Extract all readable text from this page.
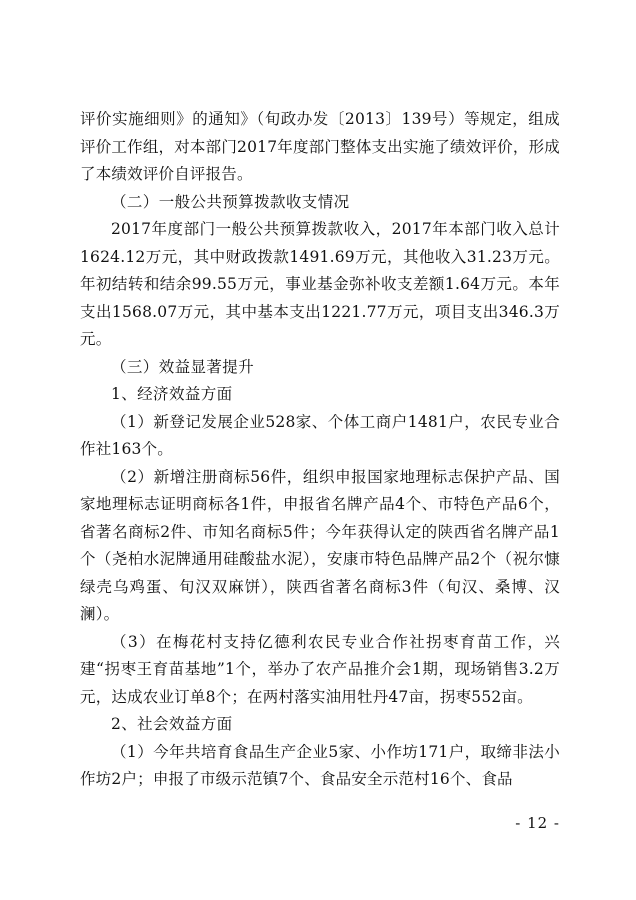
评价实施细则》的通知》（旬政办发〔2013〕139号）等规定，组成评价工作组，对本部门2017年度部门整体支出实施了绩效评价，形成了本绩效评价自评报告。

（二）一般公共预算拨款收支情况

2017年度部门一般公共预算拨款收入，2017年本部门收入总计1624.12万元，其中财政拨款1491.69万元，其他收入31.23万元。年初结转和结余99.55万元，事业基金弥补收支差额1.64万元。本年支出1568.07万元，其中基本支出1221.77万元，项目支出346.3万元。

（三）效益显著提升

1、经济效益方面

（1）新登记发展企业528家、个体工商户1481户，农民专业合作社163个。

（2）新增注册商标56件，组织申报国家地理标志保护产品、国家地理标志证明商标各1件，申报省名牌产品4个、市特色产品6个，省著名商标2件、市知名商标5件；今年获得认定的陕西省名牌产品1个（尧柏水泥牌通用硅酸盐水泥），安康市特色品牌产品2个（祝尔慷绿壳乌鸡蛋、旬汉双麻饼），陕西省著名商标3件（旬汉、桑博、汉澜）。

（3）在梅花村支持亿德利农民专业合作社拐枣育苗工作，兴建“拐枣王育苗基地”1个，举办了农产品推介会1期，现场销售3.2万元，达成农业订单8个；在两村落实油用牡丹47亩，拐枣552亩。

2、社会效益方面

（1）今年共培育食品生产企业5家、小作坊171户，取缔非法小作坊2户；申报了市级示范镇7个、食品安全示范村16个、食品

- 12 -
